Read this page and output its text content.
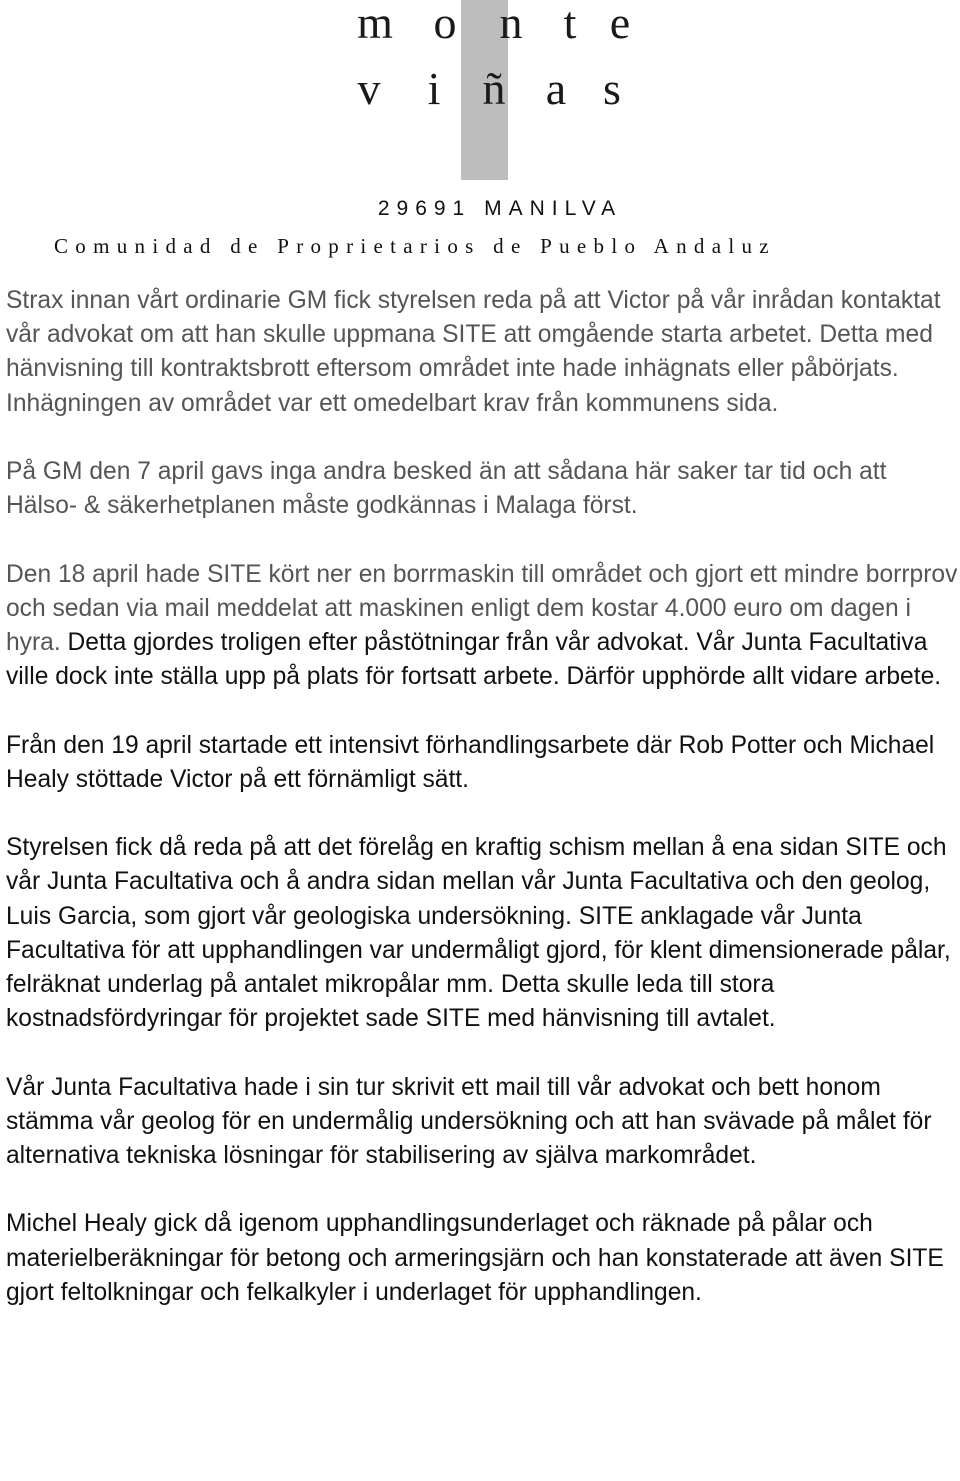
m o n t e
v i ñ a s
29691 MANILVA
Comunidad de Proprietarios de Pueblo Andaluz

Strax innan vårt ordinarie GM fick styrelsen reda på att Victor på vår inrådan kontaktat vår advokat om att han skulle uppmana SITE att omgående starta arbetet. Detta med hänvisning till kontraktsbrott eftersom området inte hade inhägnats eller påbörjats. Inhägningen av området var ett omedelbart krav från kommunens sida.

På GM den 7 april gavs inga andra besked än att sådana här saker tar tid och att Hälso- & säkerhetplanen måste godkännas i Malaga först.

Den 18 april hade SITE kört ner en borrmaskin till området och gjort ett mindre borrprov och sedan via mail meddelat att maskinen enligt dem kostar 4.000 euro om dagen i hyra. Detta gjordes troligen efter påstötningar från vår advokat. Vår Junta Facultativa ville dock inte ställa upp på plats för fortsatt arbete. Därför upphörde allt vidare arbete.

Från den 19 april startade ett intensivt förhandlingsarbete där Rob Potter och Michael Healy stöttade Victor på ett förnämligt sätt.

Styrelsen fick då reda på att det förelåg en kraftig schism mellan å ena sidan SITE och vår Junta Facultativa och å andra sidan mellan vår Junta Facultativa och den geolog, Luis Garcia, som gjort vår geologiska undersökning. SITE anklagade vår Junta Facultativa för att upphandlingen var undermåligt gjord, för klent dimensionerade pålar, felräknat underlag på antalet mikropålar mm. Detta skulle leda till stora kostnadsfördyringar för projektet sade SITE med hänvisning till avtalet.

Vår Junta Facultativa hade i sin tur skrivit ett mail till vår advokat och bett honom stämma vår geolog för en undermålig undersökning och att han svävade på målet för alternativa tekniska lösningar för stabilisering av själva markområdet.

Michel Healy gick då igenom upphandlingsunderlaget och räknade på pålar och materielberäkningar för betong och armeringsjärn och han konstaterade att även SITE gjort feltolkningar och felkalkyler i underlaget för upphandlingen.
